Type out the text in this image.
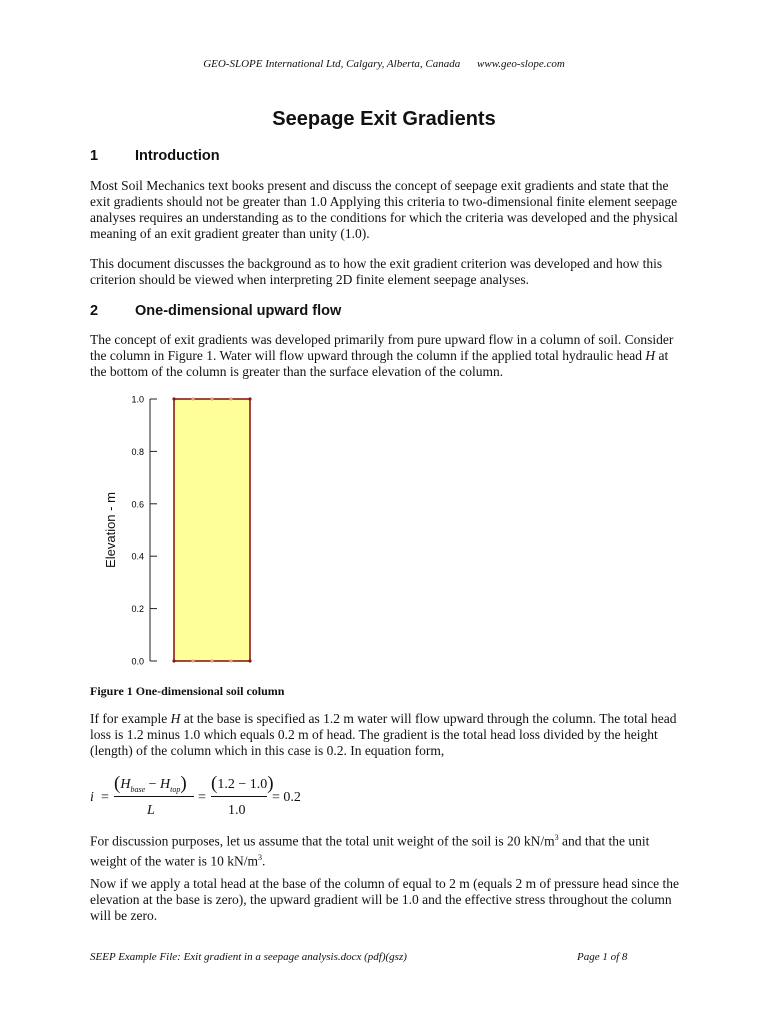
GEO-SLOPE International Ltd, Calgary, Alberta, Canada www.geo-slope.com
Seepage Exit Gradients
1	Introduction

Most Soil Mechanics text books present and discuss the concept of seepage exit gradients and state that the exit gradients should not be greater than 1.0 Applying this criteria to two-dimensional finite element seepage analyses requires an understanding as to the conditions for which the criteria was developed and the physical meaning of an exit gradient greater than unity (1.0).

This document discusses the background as to how the exit gradient criterion was developed and how this criterion should be viewed when interpreting 2D finite element seepage analyses.

2	One-dimensional upward flow

The concept of exit gradients was developed primarily from pure upward flow in a column of soil. Consider the column in Figure 1. Water will flow upward through the column if the applied total hydraulic head H at the bottom of the column is greater than the surface elevation of the column.

Elevation - m
1.0
0.8
0.6
0.4
0.2
0.0

Figure 1 One-dimensional soil column

If for example H at the base is specified as 1.2 m water will flow upward through the column. The total head loss is 1.2 minus 1.0 which equals 0.2 m of head. The gradient is the total head loss divided by the height (length) of the column which in this case is 0.2. In equation form,

i =
$(H_{base} - H_{top})$
L
=
(1.2 − 1.0)
1.0
= 0.2

For discussion purposes, let us assume that the total unit weight of the soil is 20 $kN/m^3$ and that the unit weight of the water is 10 $kN/m^3$.

Now if we apply a total head at the base of the column of equal to 2 m (equals 2 m of pressure head since the elevation at the base is zero), the upward gradient will be 1.0 and the effective stress throughout the column will be zero.

SEEP Example File: Exit gradient in a seepage analysis.docx (pdf)(gsz)	Page 1 of 8
